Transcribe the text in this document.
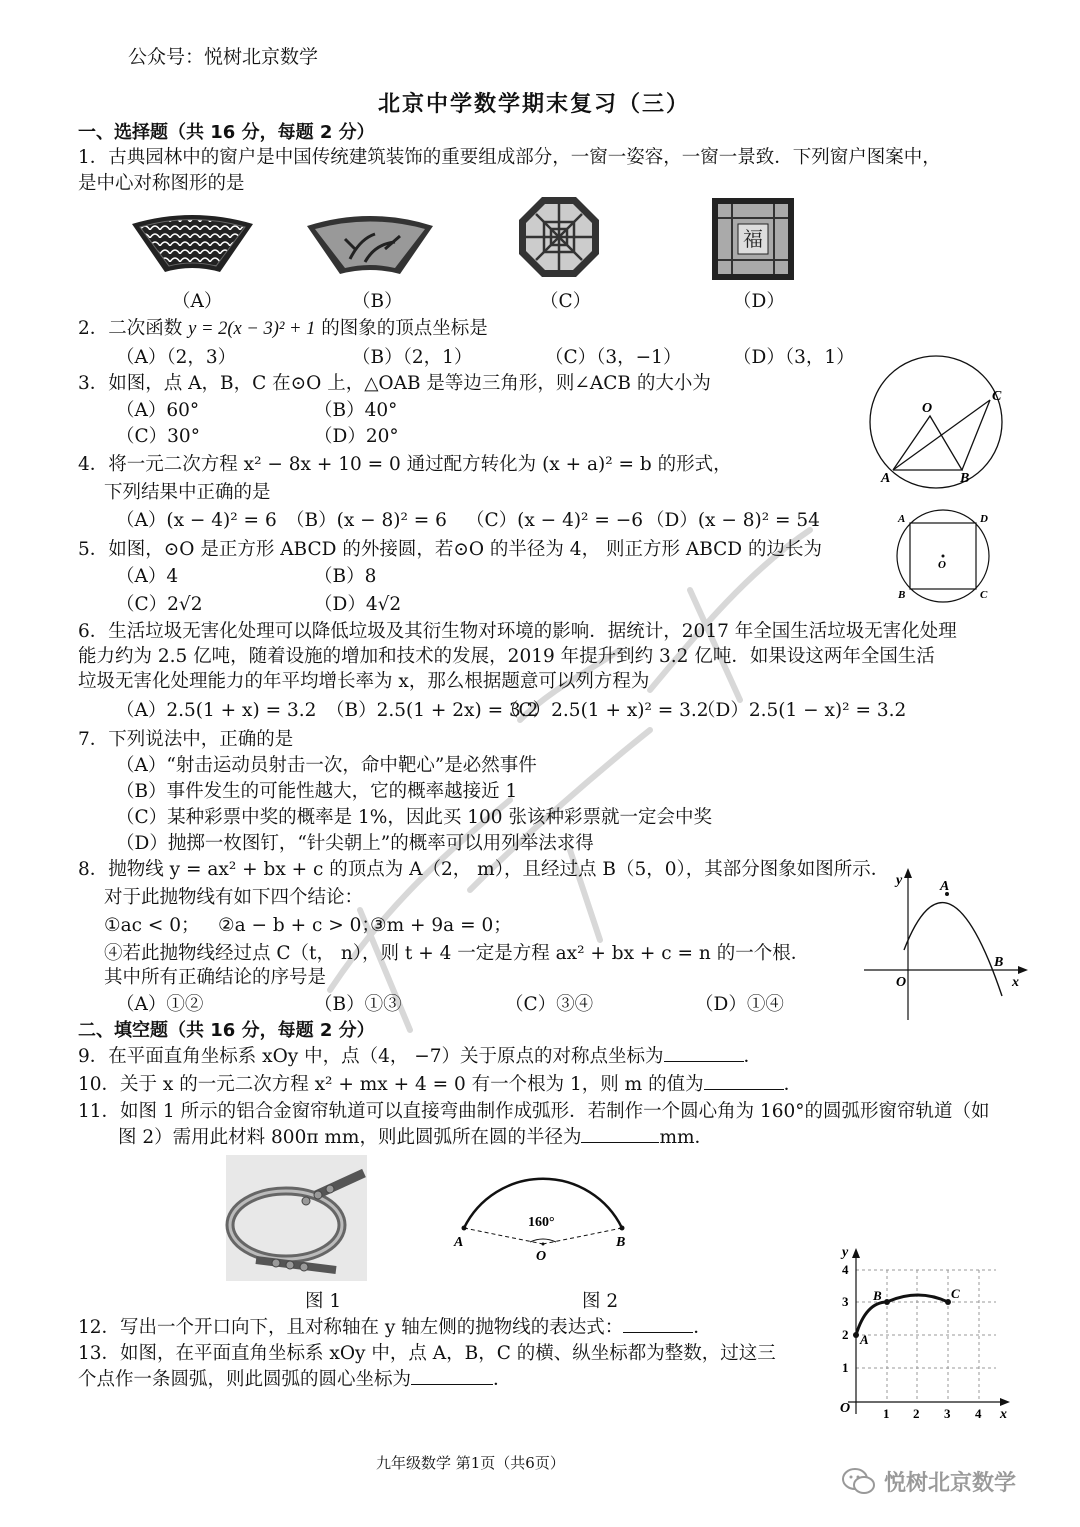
公众号：悦树北京数学
北京中学数学期末复习（三）
一、选择题（共 16 分，每题 2 分）
1．古典园林中的窗户是中国传统建筑装饰的重要组成部分，一窗一姿容，一窗一景致．下列窗户图案中，
是中心对称图形的是
福
（A）	（B）	（C）	（D）
2．二次函数 y = 2(x − 3)² + 1 的图象的顶点坐标是
（A）（2，3）	（B）（2，1）	（C）（3，−1）	（D）（3，1）
3．如图，点 A，B，C 在⊙O 上，△OAB 是等边三角形，则∠ACB 的大小为
（A）60°	（B）40°
（C）30°	（D）20°
O
A	B
C
4．将一元二次方程 x² − 8x + 10 = 0 通过配方转化为 (x + a)² = b 的形式，
下列结果中正确的是
（A）(x − 4)² = 6 （B）(x − 8)² = 6 （C）(x − 4)² = −6 （D）(x − 8)² = 54
5．如图，⊙O 是正方形 ABCD 的外接圆，若⊙O 的半径为 4， 则正方形 ABCD 的边长为
（A）4	（B）8
（C）2√2	（D）4√2
A	D
B	C
O
6．生活垃圾无害化处理可以降低垃圾及其衍生物对环境的影响．据统计，2017 年全国生活垃圾无害化处理
能力约为 2.5 亿吨，随着设施的增加和技术的发展，2019 年提升到约 3.2 亿吨．如果设这两年全国生活
垃圾无害化处理能力的年平均增长率为 x，那么根据题意可以列方程为
（A）2.5(1 + x) = 3.2 （B）2.5(1 + 2x) = 3.2
（C）2.5(1 + x)² = 3.2
（D）2.5(1 − x)² = 3.2
7．下列说法中，正确的是
（A）“射击运动员射击一次，命中靶心”是必然事件
（B）事件发生的可能性越大，它的概率越接近 1
（C）某种彩票中奖的概率是 1%，因此买 100 张该种彩票就一定会中奖
（D）抛掷一枚图钉，“针尖朝上”的概率可以用列举法求得
8．抛物线 y = ax² + bx + c 的顶点为 A（2， m），且经过点 B（5，0），其部分图象如图所示．
对于此抛物线有如下四个结论：
①ac < 0； ②a − b + c > 0；
③m + 9a = 0；
④若此抛物线经过点 C（t， n），则 t + 4 一定是方程 ax² + bx + c = n 的一个根．
其中所有正确结论的序号是
（A）①②	（B）①③	（C）③④	（D）①④
y	A
B
O	x
二、填空题（共 16 分，每题 2 分）
9．在平面直角坐标系 xOy 中，点（4， −7）关于原点的对称点坐标为	．
10．关于 x 的一元二次方程 x² + mx + 4 = 0 有一个根为 1，则 m 的值为	．
11．如图 1 所示的铝合金窗帘轨道可以直接弯曲制作成弧形．若制作一个圆心角为 160°的圆弧形窗帘轨道（如
图 2）需用此材料 800π mm，则此圆弧所在圆的半径为	mm．
图 1
160°
A	B
O
图 2
12．写出一个开口向下，且对称轴在 y 轴左侧的抛物线的表达式：	．
13．如图，在平面直角坐标系 xOy 中，点 A，B，C 的横、纵坐标都为整数，过这三
个点作一条圆弧，则此圆弧的圆心坐标为	．
y
x
O
A
B	C
1 2 3 4
1
2
3
4
九年级数学 第1页（共6页）
悦树北京数学
